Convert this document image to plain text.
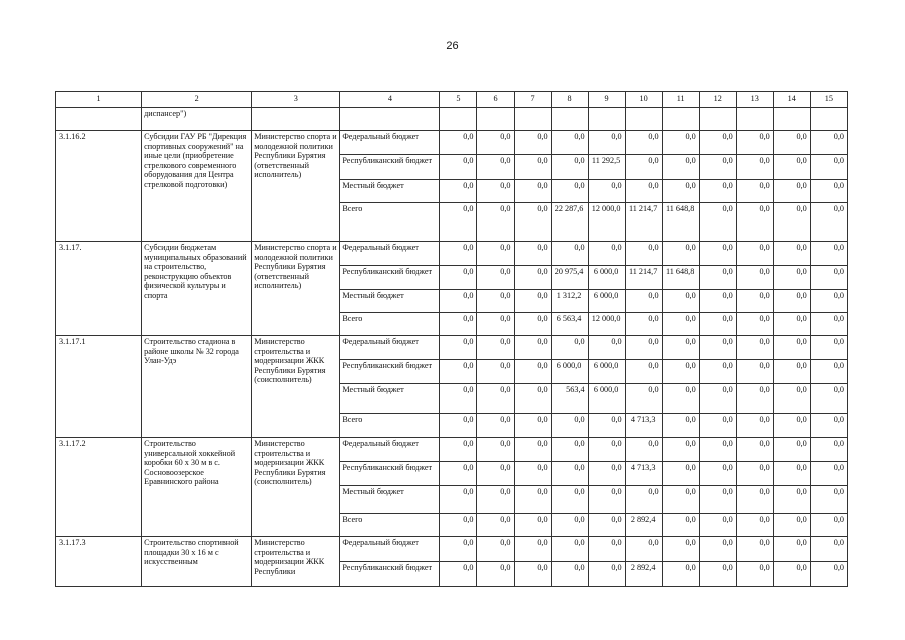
26
1	2	3	4	5	6	7	8	9	10	11	12	13	14	15
	диспансер")													
3.1.16.2	Субсидии ГАУ РБ "Дирекция спортивных сооружений" на иные цели (приобретение стрелкового современного оборудования для Центра стрелковой подготовки)	Министерство спорта и молодежной политики Республики Бурятия (ответственный исполнитель)	Федеральный бюджет	0,0	0,0	0,0	0,0	0,0	0,0	0,0	0,0	0,0	0,0	0,0
			Республиканский бюджет	0,0	0,0	0,0	0,0	11 292,5	0,0	0,0	0,0	0,0	0,0	0,0
			Местный бюджет	0,0	0,0	0,0	0,0	0,0	0,0	0,0	0,0	0,0	0,0	0,0
			Всего	0,0	0,0	0,0	22 287,6	12 000,0	11 214,7	11 648,8	0,0	0,0	0,0	0,0
3.1.17.	Субсидии бюджетам муниципальных образований на строительство, реконструкцию объектов физической культуры и спорта	Министерство спорта и молодежной политики Республики Бурятия (ответственный исполнитель)	Федеральный бюджет	0,0	0,0	0,0	0,0	0,0	0,0	0,0	0,0	0,0	0,0	0,0
			Республиканский бюджет	0,0	0,0	0,0	20 975,4	6 000,0	11 214,7	11 648,8	0,0	0,0	0,0	0,0
			Местный бюджет	0,0	0,0	0,0	1 312,2	6 000,0	0,0	0,0	0,0	0,0	0,0	0,0
			Всего	0,0	0,0	0,0	6 563,4	12 000,0	0,0	0,0	0,0	0,0	0,0	0,0
3.1.17.1	Строительство стадиона в районе школы № 32 города Улан-Удэ	Министерство строительства и модернизации ЖКК Республики Бурятия (соисполнитель)	Федеральный бюджет	0,0	0,0	0,0	0,0	0,0	0,0	0,0	0,0	0,0	0,0	0,0
			Республиканский бюджет	0,0	0,0	0,0	6 000,0	6 000,0	0,0	0,0	0,0	0,0	0,0	0,0
			Местный бюджет	0,0	0,0	0,0	563,4	6 000,0	0,0	0,0	0,0	0,0	0,0	0,0
			Всего	0,0	0,0	0,0	0,0	0,0	4 713,3	0,0	0,0	0,0	0,0	0,0
3.1.17.2	Строительство универсальной хоккейной коробки 60 х 30 м в с. Сосновоозерское Еравнинского района	Министерство строительства и модернизации ЖКК Республики Бурятия (соисполнитель)	Федеральный бюджет	0,0	0,0	0,0	0,0	0,0	0,0	0,0	0,0	0,0	0,0	0,0
			Республиканский бюджет	0,0	0,0	0,0	0,0	0,0	4 713,3	0,0	0,0	0,0	0,0	0,0
			Местный бюджет	0,0	0,0	0,0	0,0	0,0	0,0	0,0	0,0	0,0	0,0	0,0
			Всего	0,0	0,0	0,0	0,0	0,0	2 892,4	0,0	0,0	0,0	0,0	0,0
3.1.17.3	Строительство спортивной площадки 30 х 16 м с искусственным	Министерство строительства и модернизации ЖКК Республики	Федеральный бюджет	0,0	0,0	0,0	0,0	0,0	0,0	0,0	0,0	0,0	0,0	0,0
			Республиканский бюджет	0,0	0,0	0,0	0,0	0,0	2 892,4	0,0	0,0	0,0	0,0	0,0
